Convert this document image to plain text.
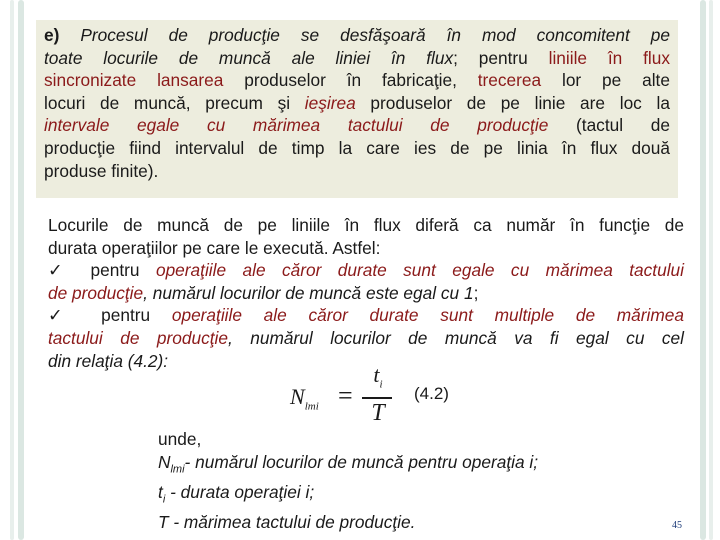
e) Procesul de producţie se desfăşoară în mod concomitent pe

toate locurile de muncă ale liniei în flux; pentru liniile în flux

sincronizate lansarea produselor în fabricaţie, trecerea lor pe alte

locuri de muncă, precum şi ieşirea produselor de pe linie are loc la

intervale egale cu mărimea tactului de producţie (tactul de

producţie fiind intervalul de timp la care ies de pe linia în flux două

produse finite).

Locurile de muncă de pe liniile în flux diferă ca număr în funcţie de

durata operaţiilor pe care le execută. Astfel:

✓ pentru operaţiile ale căror durate sunt egale cu mărimea tactului

de producţie, numărul locurilor de muncă este egal cu 1;

✓ pentru operaţiile ale căror durate sunt multiple de mărimea

tactului de producţie, numărul locurilor de muncă va fi egal cu cel

din relaţia (4.2):

$N_{lmi}$ =
$t_i$
T
(4.2)
unde,
$N_{lmi}-$ numărul locurilor de muncă pentru operaţia i;
$t_i$ - durata operaţiei i;
T - mărimea tactului de producţie.	45
